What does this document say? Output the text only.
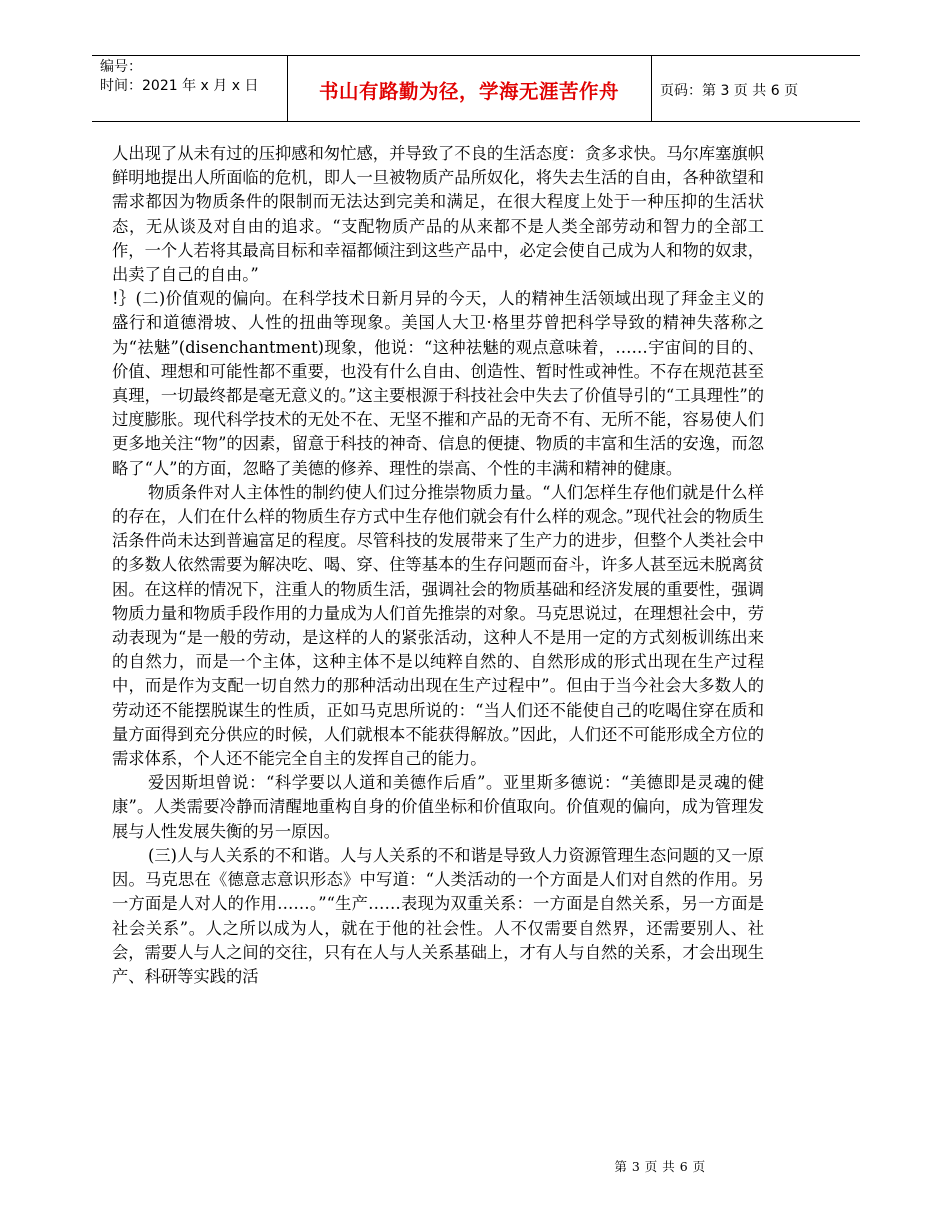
编号：
时间：2021 年 x 月 x 日	书山有路勤为径，学海无涯苦作舟	页码：第 3 页 共 6 页

人出现了从未有过的压抑感和匆忙感，并导致了不良的生活态度：贪多求快。马尔库塞旗帜鲜明地提出人所面临的危机，即人一旦被物质产品所奴化，将失去生活的自由，各种欲望和需求都因为物质条件的限制而无法达到完美和满足，在很大程度上处于一种压抑的生活状态，无从谈及对自由的追求。“支配物质产品的从来都不是人类全部劳动和智力的全部工作，一个人若将其最高目标和幸福都倾注到这些产品中，必定会使自己成为人和物的奴隶，出卖了自己的自由。”

!｝(二)价值观的偏向。在科学技术日新月异的今天，人的精神生活领域出现了拜金主义的盛行和道德滑坡、人性的扭曲等现象。美国人大卫·格里芬曾把科学导致的精神失落称之为“祛魅”(disenchantment)现象，他说：“这种祛魅的观点意味着，……宇宙间的目的、价值、理想和可能性都不重要，也没有什么自由、创造性、暂时性或神性。不存在规范甚至真理，一切最终都是毫无意义的。”这主要根源于科技社会中失去了价值导引的“工具理性”的过度膨胀。现代科学技术的无处不在、无坚不摧和产品的无奇不有、无所不能，容易使人们更多地关注“物”的因素，留意于科技的神奇、信息的便捷、物质的丰富和生活的安逸，而忽略了“人”的方面，忽略了美德的修养、理性的崇高、个性的丰满和精神的健康。

物质条件对人主体性的制约使人们过分推崇物质力量。“人们怎样生存他们就是什么样的存在，人们在什么样的物质生存方式中生存他们就会有什么样的观念。”现代社会的物质生活条件尚未达到普遍富足的程度。尽管科技的发展带来了生产力的进步，但整个人类社会中的多数人依然需要为解决吃、喝、穿、住等基本的生存问题而奋斗，许多人甚至远未脱离贫困。在这样的情况下，注重人的物质生活，强调社会的物质基础和经济发展的重要性，强调物质力量和物质手段作用的力量成为人们首先推崇的对象。马克思说过，在理想社会中，劳动表现为“是一般的劳动，是这样的人的紧张活动，这种人不是用一定的方式刻板训练出来的自然力，而是一个主体，这种主体不是以纯粹自然的、自然形成的形式出现在生产过程中，而是作为支配一切自然力的那种活动出现在生产过程中”。但由于当今社会大多数人的劳动还不能摆脱谋生的性质，正如马克思所说的：“当人们还不能使自己的吃喝住穿在质和量方面得到充分供应的时候，人们就根本不能获得解放。”因此，人们还不可能形成全方位的需求体系，个人还不能完全自主的发挥自己的能力。

爱因斯坦曾说：“科学要以人道和美德作后盾”。亚里斯多德说：“美德即是灵魂的健康”。人类需要冷静而清醒地重构自身的价值坐标和价值取向。价值观的偏向，成为管理发展与人性发展失衡的另一原因。

(三)人与人关系的不和谐。人与人关系的不和谐是导致人力资源管理生态问题的又一原因。马克思在《德意志意识形态》中写道：“人类活动的一个方面是人们对自然的作用。另一方面是人对人的作用……。”“生产……表现为双重关系：一方面是自然关系，另一方面是社会关系”。人之所以成为人，就在于他的社会性。人不仅需要自然界，还需要别人、社会，需要人与人之间的交往，只有在人与人关系基础上，才有人与自然的关系，才会出现生产、科研等实践的活

第 3 页 共 6 页
